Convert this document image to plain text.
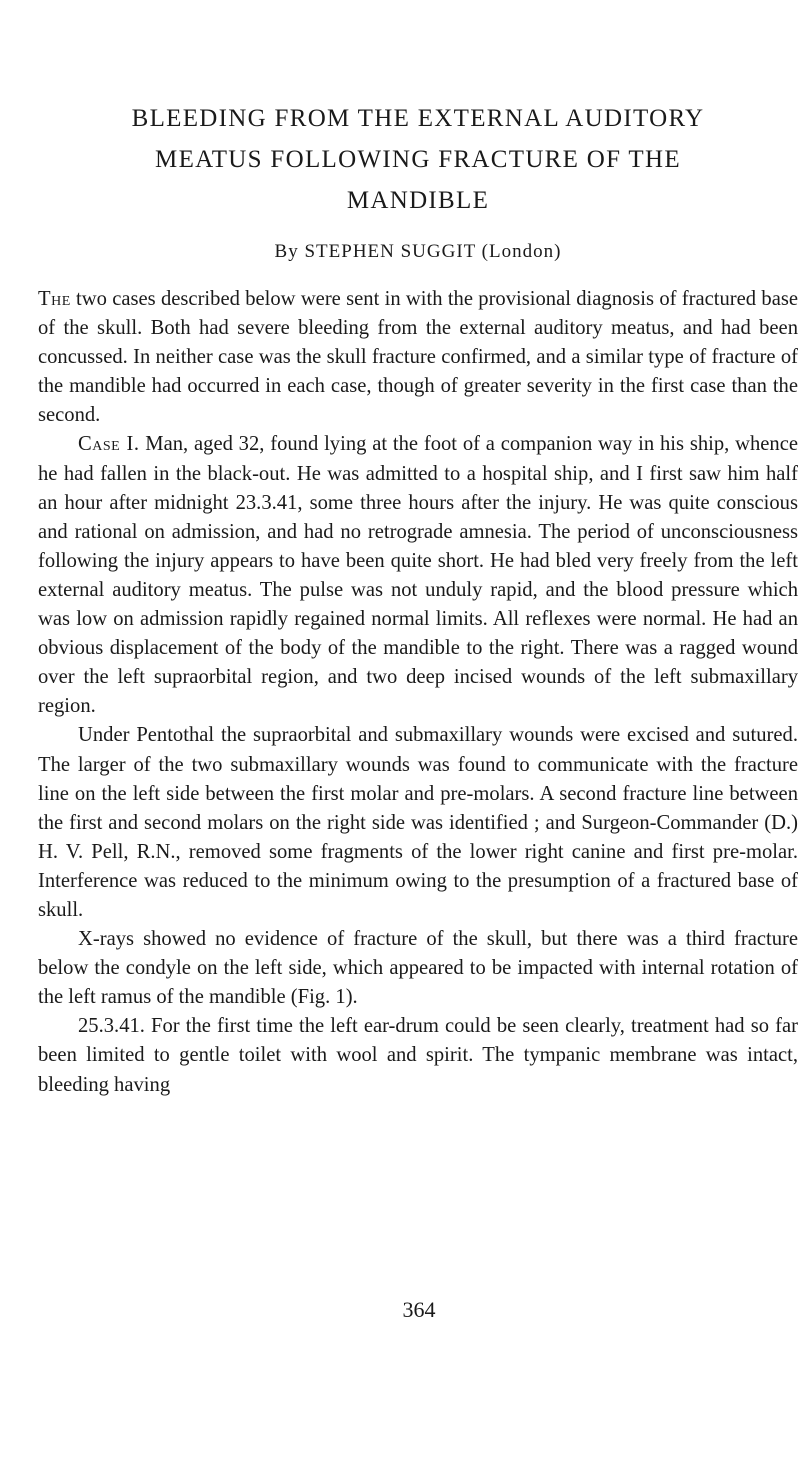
BLEEDING FROM THE EXTERNAL AUDITORY
MEATUS FOLLOWING FRACTURE OF THE
MANDIBLE

By STEPHEN SUGGIT (London)

The two cases described below were sent in with the provisional diagnosis of fractured base of the skull. Both had severe bleeding from the external auditory meatus, and had been concussed. In neither case was the skull fracture confirmed, and a similar type of fracture of the mandible had occurred in each case, though of greater severity in the first case than the second.

Case I. Man, aged 32, found lying at the foot of a companion way in his ship, whence he had fallen in the black-out. He was admitted to a hospital ship, and I first saw him half an hour after midnight 23.3.41, some three hours after the injury. He was quite conscious and rational on admission, and had no retrograde amnesia. The period of unconsciousness following the injury appears to have been quite short. He had bled very freely from the left external auditory meatus. The pulse was not unduly rapid, and the blood pressure which was low on admission rapidly regained normal limits. All reflexes were normal. He had an obvious displacement of the body of the mandible to the right. There was a ragged wound over the left supraorbital region, and two deep incised wounds of the left submaxillary region.

Under Pentothal the supraorbital and submaxillary wounds were excised and sutured. The larger of the two submaxillary wounds was found to communicate with the fracture line on the left side between the first molar and pre-molars. A second fracture line between the first and second molars on the right side was identified ; and Surgeon-Commander (D.) H. V. Pell, R.N., removed some fragments of the lower right canine and first pre-molar. Interference was reduced to the minimum owing to the presumption of a fractured base of skull.

X-rays showed no evidence of fracture of the skull, but there was a third fracture below the condyle on the left side, which appeared to be impacted with internal rotation of the left ramus of the mandible (Fig. 1).

25.3.41. For the first time the left ear-drum could be seen clearly, treatment had so far been limited to gentle toilet with wool and spirit. The tympanic membrane was intact, bleeding having

364
